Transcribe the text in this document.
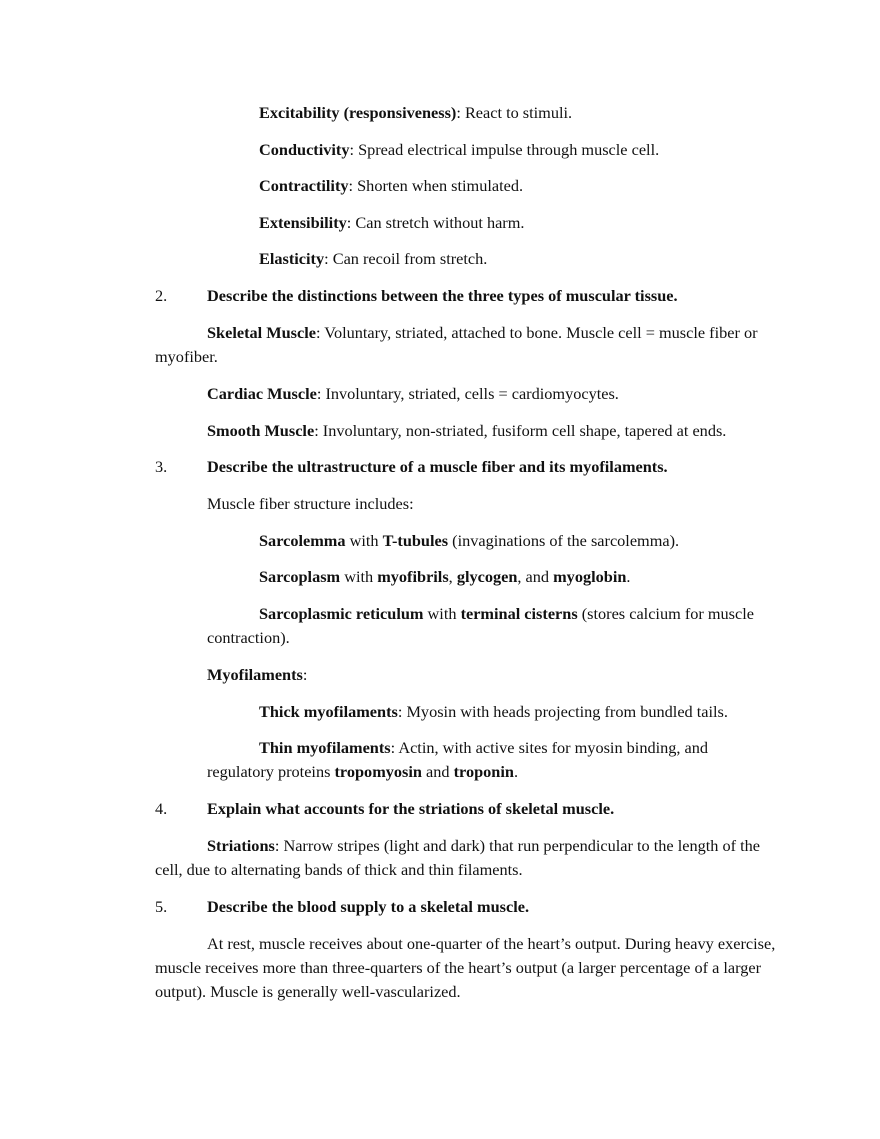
Excitability (responsiveness): React to stimuli.

Conductivity: Spread electrical impulse through muscle cell.

Contractility: Shorten when stimulated.

Extensibility: Can stretch without harm.

Elasticity: Can recoil from stretch.

2. Describe the distinctions between the three types of muscular tissue.

Skeletal Muscle: Voluntary, striated, attached to bone. Muscle cell = muscle fiber or myofiber.

Cardiac Muscle: Involuntary, striated, cells = cardiomyocytes.

Smooth Muscle: Involuntary, non-striated, fusiform cell shape, tapered at ends.

3. Describe the ultrastructure of a muscle fiber and its myofilaments.

Muscle fiber structure includes:

Sarcolemma with T-tubules (invaginations of the sarcolemma).

Sarcoplasm with myofibrils, glycogen, and myoglobin.

Sarcoplasmic reticulum with terminal cisterns (stores calcium for muscle contraction).

Myofilaments:

Thick myofilaments: Myosin with heads projecting from bundled tails.

Thin myofilaments: Actin, with active sites for myosin binding, and regulatory proteins tropomyosin and troponin.

4. Explain what accounts for the striations of skeletal muscle.

Striations: Narrow stripes (light and dark) that run perpendicular to the length of the cell, due to alternating bands of thick and thin filaments.

5. Describe the blood supply to a skeletal muscle.

At rest, muscle receives about one-quarter of the heart’s output. During heavy exercise, muscle receives more than three-quarters of the heart’s output (a larger percentage of a larger output). Muscle is generally well-vascularized.
